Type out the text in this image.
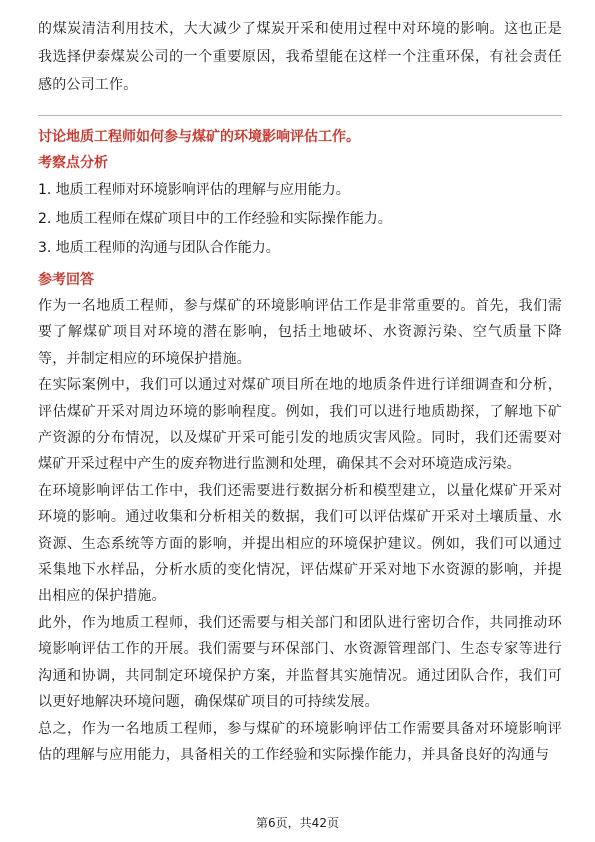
的煤炭清洁利用技术，大大减少了煤炭开采和使用过程中对环境的影响。这也正是我选择伊泰煤炭公司的一个重要原因，我希望能在这样一个注重环保，有社会责任感的公司工作。

讨论地质工程师如何参与煤矿的环境影响评估工作。

考察点分析

1. 地质工程师对环境影响评估的理解与应用能力。

2. 地质工程师在煤矿项目中的工作经验和实际操作能力。

3. 地质工程师的沟通与团队合作能力。

参考回答

作为一名地质工程师，参与煤矿的环境影响评估工作是非常重要的。首先，我们需要了解煤矿项目对环境的潜在影响，包括土地破坏、水资源污染、空气质量下降等，并制定相应的环境保护措施。

在实际案例中，我们可以通过对煤矿项目所在地的地质条件进行详细调查和分析，评估煤矿开采对周边环境的影响程度。例如，我们可以进行地质勘探，了解地下矿产资源的分布情况，以及煤矿开采可能引发的地质灾害风险。同时，我们还需要对煤矿开采过程中产生的废弃物进行监测和处理，确保其不会对环境造成污染。

在环境影响评估工作中，我们还需要进行数据分析和模型建立，以量化煤矿开采对环境的影响。通过收集和分析相关的数据，我们可以评估煤矿开采对土壤质量、水资源、生态系统等方面的影响，并提出相应的环境保护建议。例如，我们可以通过采集地下水样品，分析水质的变化情况，评估煤矿开采对地下水资源的影响，并提出相应的保护措施。

此外，作为地质工程师，我们还需要与相关部门和团队进行密切合作，共同推动环境影响评估工作的开展。我们需要与环保部门、水资源管理部门、生态专家等进行沟通和协调，共同制定环境保护方案，并监督其实施情况。通过团队合作，我们可以更好地解决环境问题，确保煤矿项目的可持续发展。

总之，作为一名地质工程师，参与煤矿的环境影响评估工作需要具备对环境影响评估的理解与应用能力，具备相关的工作经验和实际操作能力，并具备良好的沟通与

第6页，共42页
